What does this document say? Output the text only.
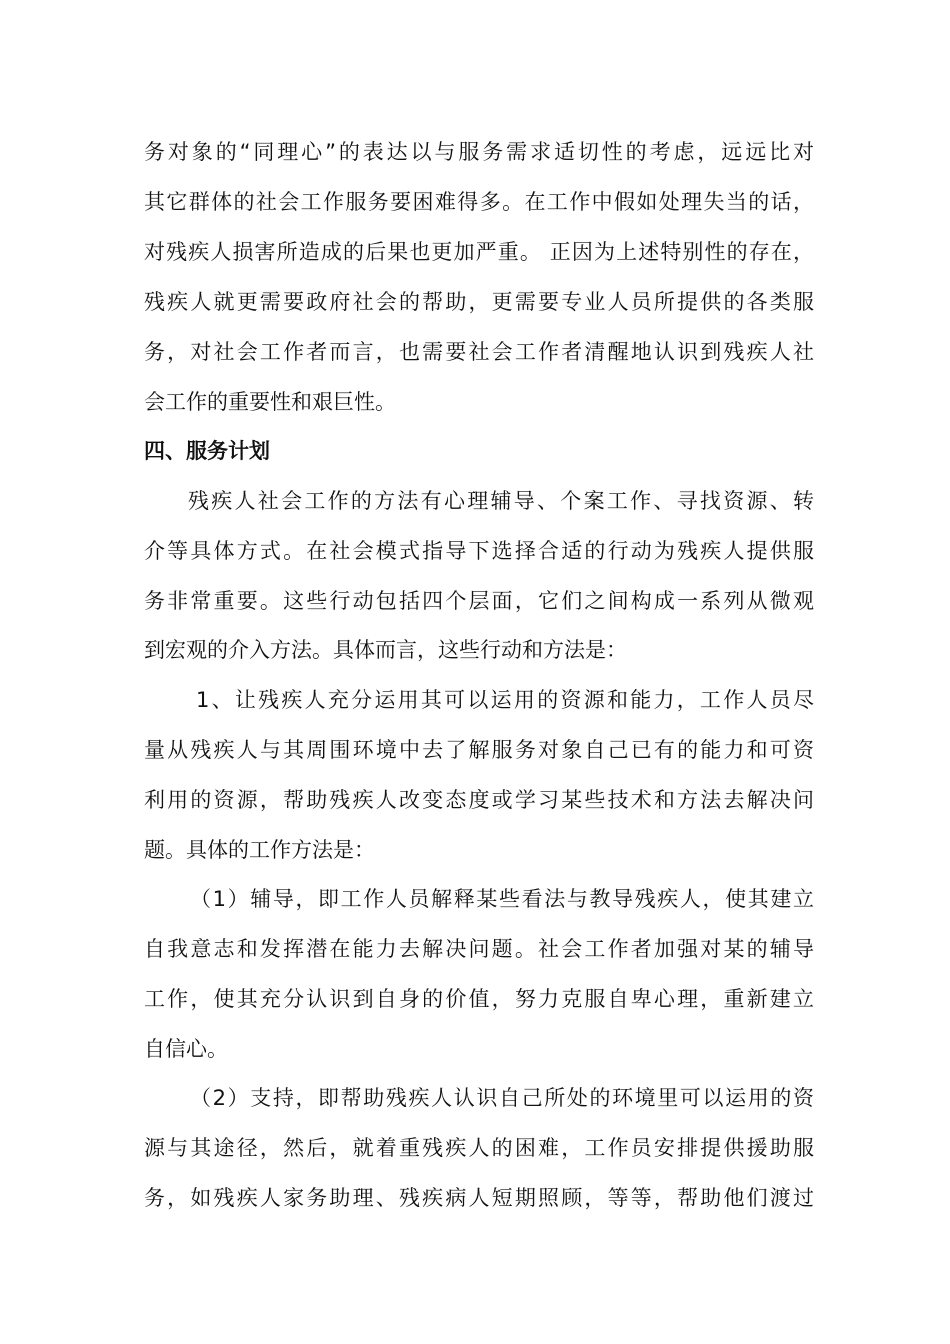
务对象的“同理心”的表达以与服务需求适切性的考虑，远远比对
其它群体的社会工作服务要困难得多。在工作中假如处理失当的话，
对残疾人损害所造成的后果也更加严重。 正因为上述特别性的存在，
残疾人就更需要政府社会的帮助，更需要专业人员所提供的各类服
务，对社会工作者而言，也需要社会工作者清醒地认识到残疾人社
会工作的重要性和艰巨性。
四、服务计划
残疾人社会工作的方法有心理辅导、个案工作、寻找资源、转
介等具体方式。在社会模式指导下选择合适的行动为残疾人提供服
务非常重要。这些行动包括四个层面，它们之间构成一系列从微观
到宏观的介入方法。具体而言，这些行动和方法是：
1、让残疾人充分运用其可以运用的资源和能力，工作人员尽
量从残疾人与其周围环境中去了解服务对象自己已有的能力和可资
利用的资源，帮助残疾人改变态度或学习某些技术和方法去解决问
题。具体的工作方法是：
（1）辅导，即工作人员解释某些看法与教导残疾人，使其建立
自我意志和发挥潜在能力去解决问题。社会工作者加强对某的辅导
工作，使其充分认识到自身的价值，努力克服自卑心理，重新建立
自信心。
（2）支持，即帮助残疾人认识自己所处的环境里可以运用的资
源与其途径，然后，就着重残疾人的困难，工作员安排提供援助服
务，如残疾人家务助理、残疾病人短期照顾，等等，帮助他们渡过
